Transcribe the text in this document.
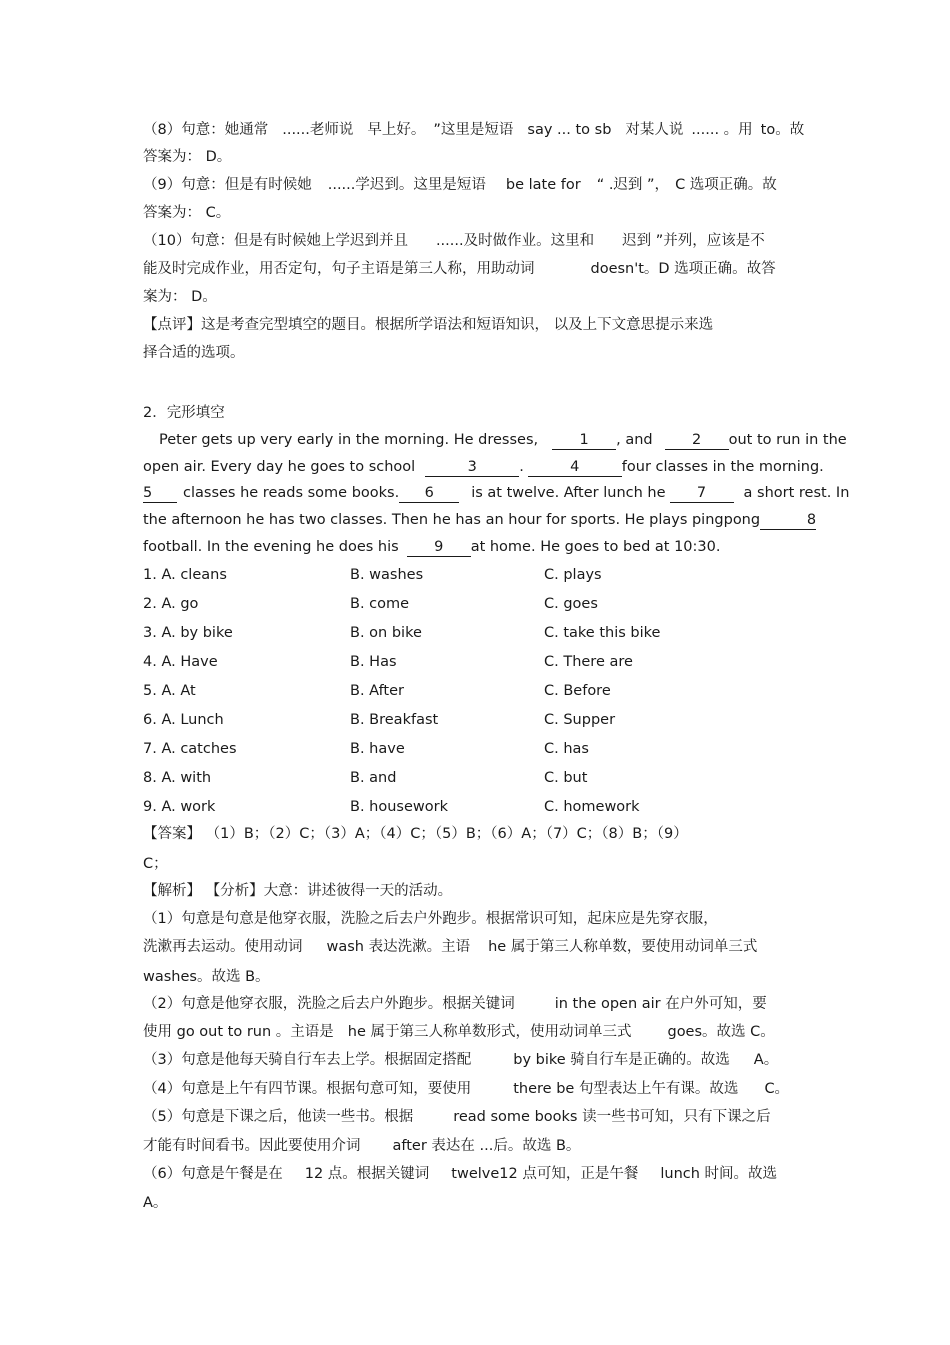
（8）句意：她通常 ......老师说 早上好。 ”这里是短语 say ... to sb 对某人说 ...... 。用 to。故
答案为： D。
（9）句意：但是有时候她 ......学迟到。这里是短语 be late for “ .迟到 ”， C 选项正确。故
答案为： C。
（10）句意：但是有时候她上学迟到并且 ......及时做作业。这里和 迟到 ”并列，应该是不
能及时完成作业，用否定句，句子主语是第三人称，用助动词	doesn't。D 选项正确。故答
案为： D。
【点评】这是考查完型填空的题目。根据所学语法和短语知识， 以及上下文意思提示来选
择合适的选项。
2．完形填空
Peter gets up very early in the morning. He dresses,	1 , and	2 out to run in the
open air. Every day he goes to school	3	.	4	four classes in the morning.
5 classes he reads some books. 6	is at twelve. After lunch he 7	a short rest. In
the afternoon he has two classes. Then he has an hour for sports. He plays pingpong	8
football. In the evening he does his 9 at home. He goes to bed at 10:30.
1. A. cleans	B. washes	C. plays
2. A. go	B. come	C. goes
3. A. by bike	B. on bike	C. take this bike
4. A. Have	B. Has	C. There are
5. A. At	B. After	C. Before
6. A. Lunch	B. Breakfast	C. Supper
7. A. catches	B. have	C. has
8. A. with	B. and	C. but
9. A. work	B. housework	C. homework
【答案】 （1）B；（2）C；（3）A；（4）C；（5）B；（6）A；（7）C；（8）B；（9）
C；
【解析】 【分析】大意：讲述彼得一天的活动。
（1）句意是句意是他穿衣服，洗脸之后去户外跑步。根据常识可知，起床应是先穿衣服，
洗漱再去运动。使用动词 wash 表达洗漱。主语 he 属于第三人称单数，要使用动词单三式
washes。故选 B。
（2）句意是他穿衣服，洗脸之后去户外跑步。根据关键词	in the open air 在户外可知，要
使用 go out to run 。主语是 he 属于第三人称单数形式，使用动词单三式 goes。故选 C。
（3）句意是他每天骑自行车去上学。根据固定搭配	by bike 骑自行车是正确的。故选 A。
（4）句意是上午有四节课。根据句意可知，要使用	there be 句型表达上午有课。故选 C。
（5）句意是下课之后，他读一些书。根据	read some books 读一些书可知，只有下课之后
才能有时间看书。因此要使用介词 after 表达在 ...后。故选 B。
（6）句意是午餐是在 12 点。根据关键词 twelve12 点可知，正是午餐 lunch 时间。故选
A。
